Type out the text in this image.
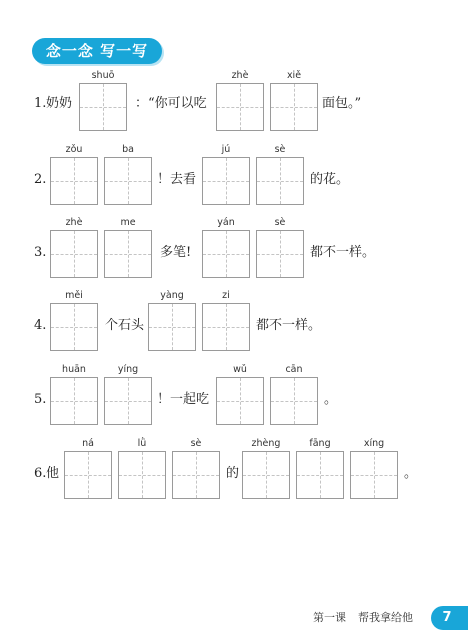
念一念 写一写
1. 奶奶
shuō
：“你可以吃
zhè	xiě
面包。”
2.
zǒu	ba
！去看
jú	sè
的花。
3.
zhè	me
多笔!
yán	sè
都不一样。
4.
měi
个石头
yàng	zi
都不一样。
5.
huān	yíng
！一起吃
wǔ	cān
。
6. 他
ná	lǜ	sè
的
zhèng	fāng	xíng
。
第一课 帮我拿给他	7
